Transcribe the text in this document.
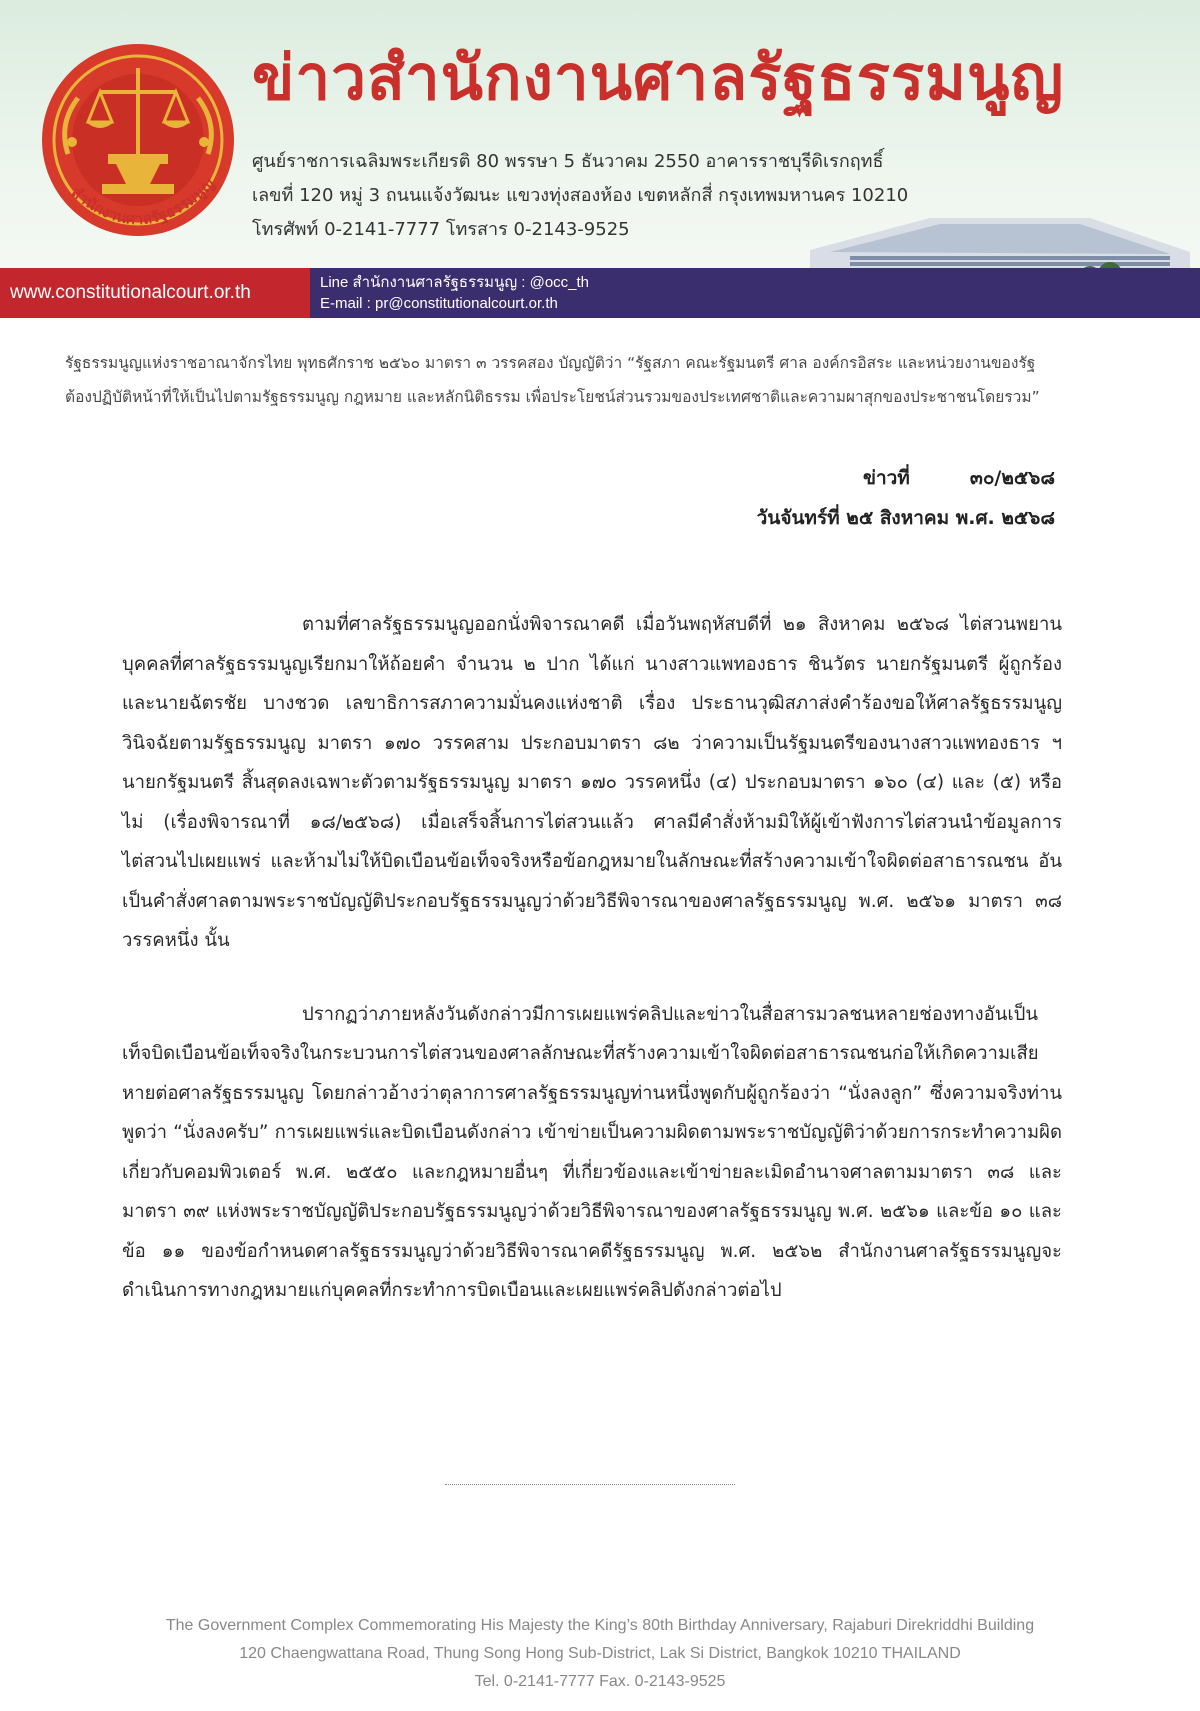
สำนักงานศาลรัฐธรรมนูญ
ข่าวสำนักงานศาลรัฐธรรมนูญ
ศูนย์ราชการเฉลิมพระเกียรติ 80 พรรษา 5 ธันวาคม 2550 อาคารราชบุรีดิเรกฤทธิ์
เลขที่ 120 หมู่ 3 ถนนแจ้งวัฒนะ แขวงทุ่งสองห้อง เขตหลักสี่ กรุงเทพมหานคร 10210
โทรศัพท์ 0-2141-7777 โทรสาร 0-2143-9525
www.constitutionalcourt.or.th	Line สำนักงานศาลรัฐธรรมนูญ : @occ_th
E-mail : pr@constitutionalcourt.or.th
รัฐธรรมนูญแห่งราชอาณาจักรไทย พุทธศักราช ๒๕๖๐ มาตรา ๓ วรรคสอง บัญญัติว่า “รัฐสภา คณะรัฐมนตรี ศาล องค์กรอิสระ และหน่วยงานของรัฐ
ต้องปฏิบัติหน้าที่ให้เป็นไปตามรัฐธรรมนูญ กฎหมาย และหลักนิติธรรม เพื่อประโยชน์ส่วนรวมของประเทศชาติและความผาสุกของประชาชนโดยรวม”
ข่าวที่	๓๐/๒๕๖๘
วันจันทร์ที่ ๒๕ สิงหาคม พ.ศ. ๒๕๖๘

ตามที่ศาลรัฐธรรมนูญออกนั่งพิจารณาคดี เมื่อวันพฤหัสบดีที่ ๒๑ สิงหาคม ๒๕๖๘ ไต่สวนพยานบุคคลที่ศาลรัฐธรรมนูญเรียกมาให้ถ้อยคำ จำนวน ๒ ปาก ได้แก่ นางสาวแพทองธาร ชินวัตร นายกรัฐมนตรี ผู้ถูกร้อง และนายฉัตรชัย บางชวด เลขาธิการสภาความมั่นคงแห่งชาติ เรื่อง ประธานวุฒิสภาส่งคำร้องขอให้ศาลรัฐธรรมนูญวินิจฉัยตามรัฐธรรมนูญ มาตรา ๑๗๐ วรรคสาม ประกอบมาตรา ๘๒ ว่าความเป็นรัฐมนตรีของนางสาวแพทองธาร ฯ นายกรัฐมนตรี สิ้นสุดลงเฉพาะตัวตามรัฐธรรมนูญ มาตรา ๑๗๐ วรรคหนึ่ง (๔) ประกอบมาตรา ๑๖๐ (๔) และ (๕) หรือไม่ (เรื่องพิจารณาที่ ๑๘/๒๕๖๘) เมื่อเสร็จสิ้นการไต่สวนแล้ว ศาลมีคำสั่งห้ามมิให้ผู้เข้าฟังการไต่สวนนำข้อมูลการไต่สวนไปเผยแพร่ และห้ามไม่ให้บิดเบือนข้อเท็จจริงหรือข้อกฎหมายในลักษณะที่สร้างความเข้าใจผิดต่อสาธารณชน อันเป็นคำสั่งศาลตามพระราชบัญญัติประกอบรัฐธรรมนูญว่าด้วยวิธีพิจารณาของศาลรัฐธรรมนูญ พ.ศ. ๒๕๖๑ มาตรา ๓๘ วรรคหนึ่ง นั้น

ปรากฏว่าภายหลังวันดังกล่าวมีการเผยแพร่คลิปและข่าวในสื่อสารมวลชนหลายช่องทางอันเป็นเท็จบิดเบือนข้อเท็จจริงในกระบวนการไต่สวนของศาลลักษณะที่สร้างความเข้าใจผิดต่อสาธารณชนก่อให้เกิดความเสียหายต่อศาลรัฐธรรมนูญ โดยกล่าวอ้างว่าตุลาการศาลรัฐธรรมนูญท่านหนึ่งพูดกับผู้ถูกร้องว่า “นั่งลงลูก” ซึ่งความจริงท่านพูดว่า “นั่งลงครับ” การเผยแพร่และบิดเบือนดังกล่าว เข้าข่ายเป็นความผิดตามพระราชบัญญัติว่าด้วยการกระทำความผิดเกี่ยวกับคอมพิวเตอร์ พ.ศ. ๒๕๕๐ และกฎหมายอื่นๆ ที่เกี่ยวข้องและเข้าข่ายละเมิดอำนาจศาลตามมาตรา ๓๘ และมาตรา ๓๙ แห่งพระราชบัญญัติประกอบรัฐธรรมนูญว่าด้วยวิธีพิจารณาของศาลรัฐธรรมนูญ พ.ศ. ๒๕๖๑ และข้อ ๑๐ และข้อ ๑๑ ของข้อกำหนดศาลรัฐธรรมนูญว่าด้วยวิธีพิจารณาคดีรัฐธรรมนูญ พ.ศ. ๒๕๖๒ สำนักงานศาลรัฐธรรมนูญจะดำเนินการทางกฎหมายแก่บุคคลที่กระทำการบิดเบือนและเผยแพร่คลิปดังกล่าวต่อไป

The Government Complex Commemorating His Majesty the King’s 80th Birthday Anniversary, Rajaburi Direkriddhi Building
120 Chaengwattana Road, Thung Song Hong Sub-District, Lak Si District, Bangkok 10210 THAILAND
Tel. 0-2141-7777 Fax. 0-2143-9525
